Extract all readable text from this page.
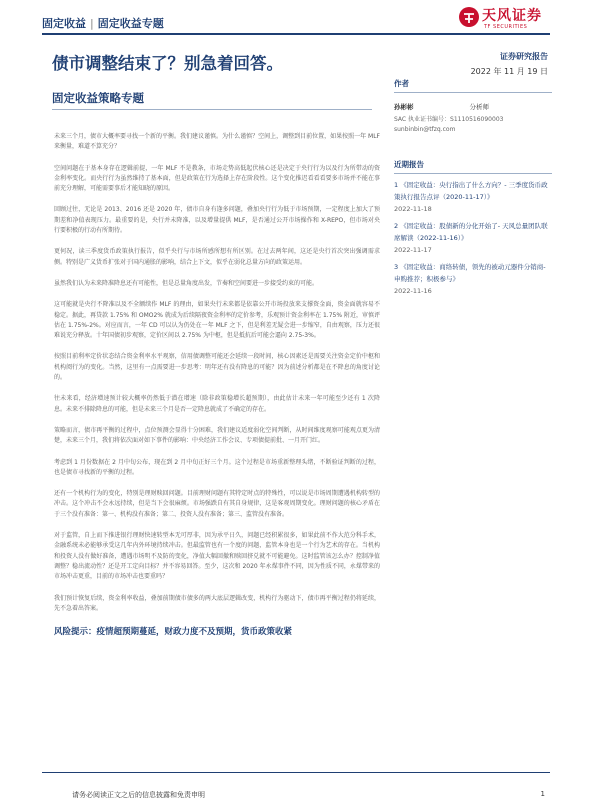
固定收益 | 固定收益专题	天风证券
TF SECURITIES
债市调整结束了？别急着回答。	证券研究报告
2022 年 11 月 19 日
固定收益策略专题

未来三个月，债市大概率要寻找一个新的平衡。我们建议谨慎。为什么谨慎？空间上，调整到目前位置，如果按照一年 MLF 来衡量，难道不算充分？

空间问题在于基本身存在逻辑前提，一年 MLF 不是教条，市场走势高低起伏核心还是决定于央行行为以及行为所带动的资金利率变化。而央行行为虽然维持了基本面，但是政策在行为选择上存在阶段性。这个变化推迟看看看要多市场并不能在事前充分理解，可能需要事后才能知晓的原因。

回顾过往，无论是 2013、2016 还是 2020 年，债市自身有逢多问题，叠加央行行为低于市场预期，一定程度上加大了预期差和净值表现压力。最重要的是，央行并未降准，以及增量提供 MLF，是否通过公开市场操作和 X-REPO，但市场对央行要积极的行动有所期待。

更何况，读三季度货币政策执行报告，似乎央行与市场所感所想有所区别。在过去两年间，这还是央行首次突出强调需求侧。特别是广义货币扩张对于国内通胀的影响，结合上下文，似乎在弱化总量方向的政策运用。

虽然我们认为未来降准降息还有可能性，但是总量角度出发，节奏和空间要进一步接受约束的可能。

这可能就是央行不降准以及不全额续作 MLF 的理由，如果央行未来都是依靠公开市场投放来支撑资金面，资金面就容易不稳定。据此，再贷款 1.75% 和 OMO2% 就成为后续隔夜资金利率的定价参考，乐观预计资金利率在 1.75% 附近，审慎评估在 1.75%-2%。对应而言，一年 CD 可以认为仍处在一年 MLF 之下，但是利差无疑会进一步缩窄，自由观察，压力还很难说充分释放。十年国债初步观察，定价区间以 2.75% 为中枢，但是抵抗后可能会逼向 2.75-3%。

按照目前利率定价状态结合资金利率水平观察，信用债调整可能还会延续一段时间，核心因素还是需要关注资金定价中枢和机构阅行为的变化。当然，这里有一点需要进一步思考：明年还有没有降息的可能？因为前述分析都是在不降息的角度讨论的。

往未来看，经济增速预计较大概率仍然低于潜在增速（除非政策稳增长超预期），由此估计未来一年可能至少还有 1 次降息。未来不排除降息的可能，但是未来三个月是否一定降息就成了不确定的存在。

策略而言，债市再平衡的过程中，点位预测会显得十分困难，我们建议适度弱化空间判断，从时间维度观察可能观点更为清楚，未来三个月，我们将依次面对如下事件的影响：中央经济工作会议、专项债提前批、一月开门红。

考虑到 1 月份数据在 2 月中旬公布，现在到 2 月中旬正好三个月。这个过程是市场重新整理头绪，不断验证判断的过程，也是债市寻找新的平衡的过程。

还有一个机构行为的变化，特别是理财赎回问题。目前理财问题有其特定时点的特殊性，可以说是市场周期遭遇机构转型的冲击。这个冲击不会永远持续，但是当下会很麻烦。市场强跌自有其自身规律，这是客观周期变化。理财问题的核心矛盾在于三个没有准备：第一、机构没有准备；第二、投资人没有准备；第三、监管没有准备。

对于监管，自上而下推进银行理财快速转型本无可厚非，因为承平日久，问题已经积累很多，如果此前不作大范分科手术，金融系统未必能够承受这几年内外环境持续冲击。但最监管也有一个度的问题，监管本身也是一个行为艺术的存在。当机构和投资人没有做好准备，遭遇市场明不及防的变化，净值大幅回撤和赎回挤兑就不可能避免。这时监管该怎么办？控制净值调整？稳出流动性？还是开工定向目标？并不容易回答。至少，这次和 2020 年永煤事件不同，因为性质不同，永煤带来的市场冲击更重，目前的市场冲击也要重吗？

我们预计恢复后续，资金利率收益，叠加前期债市债多的两大底层逻辑改变，机构行为驱动下，债市再平衡过程仍将延续，先不急着出答案。

风险提示：疫情超预期蔓延，财政力度不及预期，货币政策收紧
作者
孙彬彬	分析师
SAC 执业证书编号：S1110516090003
sunbinbin@tfzq.com
近期报告
1 《固定收益：央行指出了什么方向？- 三季度货币政策执行报告点评（2020-11-17）》
2022-11-18
2 《固定收益：股债新的分化开始了- 天风总量团队联席解读（2022-11-16）》
2022-11-17
3 《固定收益：商络转债，领先的被动元器件分销商-申购推荐；积极参与》
2022-11-16
请务必阅读正文之后的信息披露和免责申明	1
